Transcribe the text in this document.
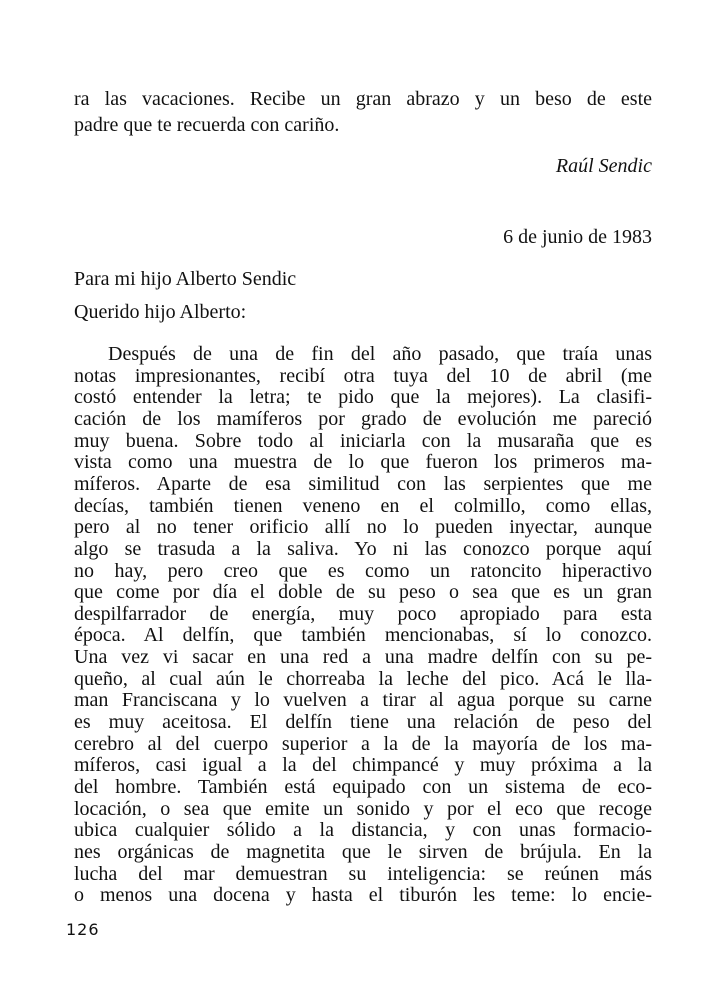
ra las vacaciones. Recibe un gran abrazo y un beso de este
padre que te recuerda con cariño.
Raúl Sendic
6 de junio de 1983
Para mi hijo Alberto Sendic
Querido hijo Alberto:
Después de una de fin del año pasado, que traía unas
notas impresionantes, recibí otra tuya del 10 de abril (me
costó entender la letra; te pido que la mejores). La clasifi-
cación de los mamíferos por grado de evolución me pareció
muy buena. Sobre todo al iniciarla con la musaraña que es
vista como una muestra de lo que fueron los primeros ma-
míferos. Aparte de esa similitud con las serpientes que me
decías, también tienen veneno en el colmillo, como ellas,
pero al no tener orificio allí no lo pueden inyectar, aunque
algo se trasuda a la saliva. Yo ni las conozco porque aquí
no hay, pero creo que es como un ratoncito hiperactivo
que come por día el doble de su peso o sea que es un gran
despilfarrador de energía, muy poco apropiado para esta
época. Al delfín, que también mencionabas, sí lo conozco.
Una vez vi sacar en una red a una madre delfín con su pe-
queño, al cual aún le chorreaba la leche del pico. Acá le lla-
man Franciscana y lo vuelven a tirar al agua porque su carne
es muy aceitosa. El delfín tiene una relación de peso del
cerebro al del cuerpo superior a la de la mayoría de los ma-
míferos, casi igual a la del chimpancé y muy próxima a la
del hombre. También está equipado con un sistema de eco-
locación, o sea que emite un sonido y por el eco que recoge
ubica cualquier sólido a la distancia, y con unas formacio-
nes orgánicas de magnetita que le sirven de brújula. En la
lucha del mar demuestran su inteligencia: se reúnen más
o menos una docena y hasta el tiburón les teme: lo encie-
126
